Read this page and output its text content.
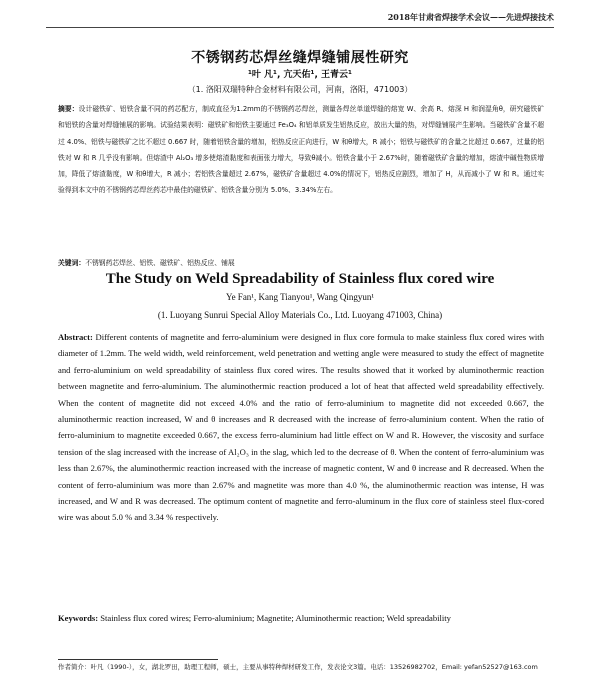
2018年甘肃省焊接学术会议——先进焊接技术
不锈钢药芯焊丝缝焊缝铺展性研究
¹叶 凡¹, 亢天佑¹, 王青云¹
（1. 洛阳双瑞特种合金材料有限公司，河南，洛阳，471003）
摘要：设计磁铁矿、铝铁含量不同的药芯配方，制成直径为1.2mm的不锈钢药芯焊丝，测量各焊丝单道焊缝的熔宽 W、余高 R、熔深 H 和润湿角θ，研究磁铁矿和铝铁的含量对焊缝铺展的影响。试验结果表明：磁铁矿和铝铁主要通过 Fe₃O₄ 和铝单质发生铝热反应，放出大量的热，对焊缝铺展产生影响。当磁铁矿含量不超过 4.0%、铝铁与磁铁矿之比不超过 0.667 时，随着铝铁含量的增加，铝热反应正向进行，W 和θ增大，R 减小；铝铁与磁铁矿的含量之比超过 0.667，过量的铝铁对 W 和 R 几乎没有影响。但熔渣中 Al₂O₃ 增多使熔渣黏度和表面张力增大，导致θ减小。铝铁含量小于 2.67%时，随着磁铁矿含量的增加，熔渣中碱性物质增加，降低了熔渣黏度，W 和θ增大，R 减小；若铝铁含量超过 2.67%，磁铁矿含量超过 4.0%的情况下，铝热反应剧烈，增加了 H，从而减小了 W 和 R。通过实验得到本文中的不锈钢药芯焊丝药芯中最佳的磁铁矿、铝铁含量分别为 5.0%、3.34%左右。
关键词：不锈钢药芯焊丝、铝铁、磁铁矿、铝热反应、铺展
The Study on Weld Spreadability of Stainless flux cored wire
Ye Fan¹, Kang Tianyou¹, Wang Qingyun¹
(1. Luoyang Sunrui Special Alloy Materials Co., Ltd. Luoyang 471003, China)
Abstract: Different contents of magnetite and ferro-aluminium were designed in flux core formula to make stainless flux cored wires with diameter of 1.2mm. The weld width, weld reinforcement, weld penetration and wetting angle were measured to study the effect of magnetite and ferro-aluminium on weld spreadability of stainless flux cored wires. The results showed that it worked by aluminothermic reaction between magnetite and ferro-aluminium. The aluminothermic reaction produced a lot of heat that affected weld spreadability effectively. When the content of magnetite did not exceed 4.0% and the ratio of ferro-aluminium to magnetite did not exceeded 0.667, the aluminothermic reaction increased, W and θ increases and R decreased with the increase of ferro-aluminium content. When the ratio of ferro-aluminium to magnetite exceeded 0.667, the excess ferro-aluminium had little effect on W and R. However, the viscosity and surface tension of the slag increased with the increase of Al₂O₃ in the slag, which led to the decrease of θ. When the content of ferro-aluminium was less than 2.67%, the aluminothermic reaction increased with the increase of magnetic content, W and θ increase and R decreased. When the content of ferro-aluminium was more than 2.67% and magnetite was more than 4.0 %, the aluminothermic reaction was intense, H was increased, and W and R was decreased. The optimum content of magnetite and ferro-aluminum in the flux core of stainless steel flux-cored wire was about 5.0 % and 3.34 % respectively.
Keywords: Stainless flux cored wires; Ferro-aluminium; Magnetite; Aluminothermic reaction; Weld spreadability
作者简介：叶凡（1990-），女，湖北罗田，助理工程师，硕士，主要从事特种焊材研发工作，发表论文3篇。电话：13526982702，Email: yefan52527@163.com
